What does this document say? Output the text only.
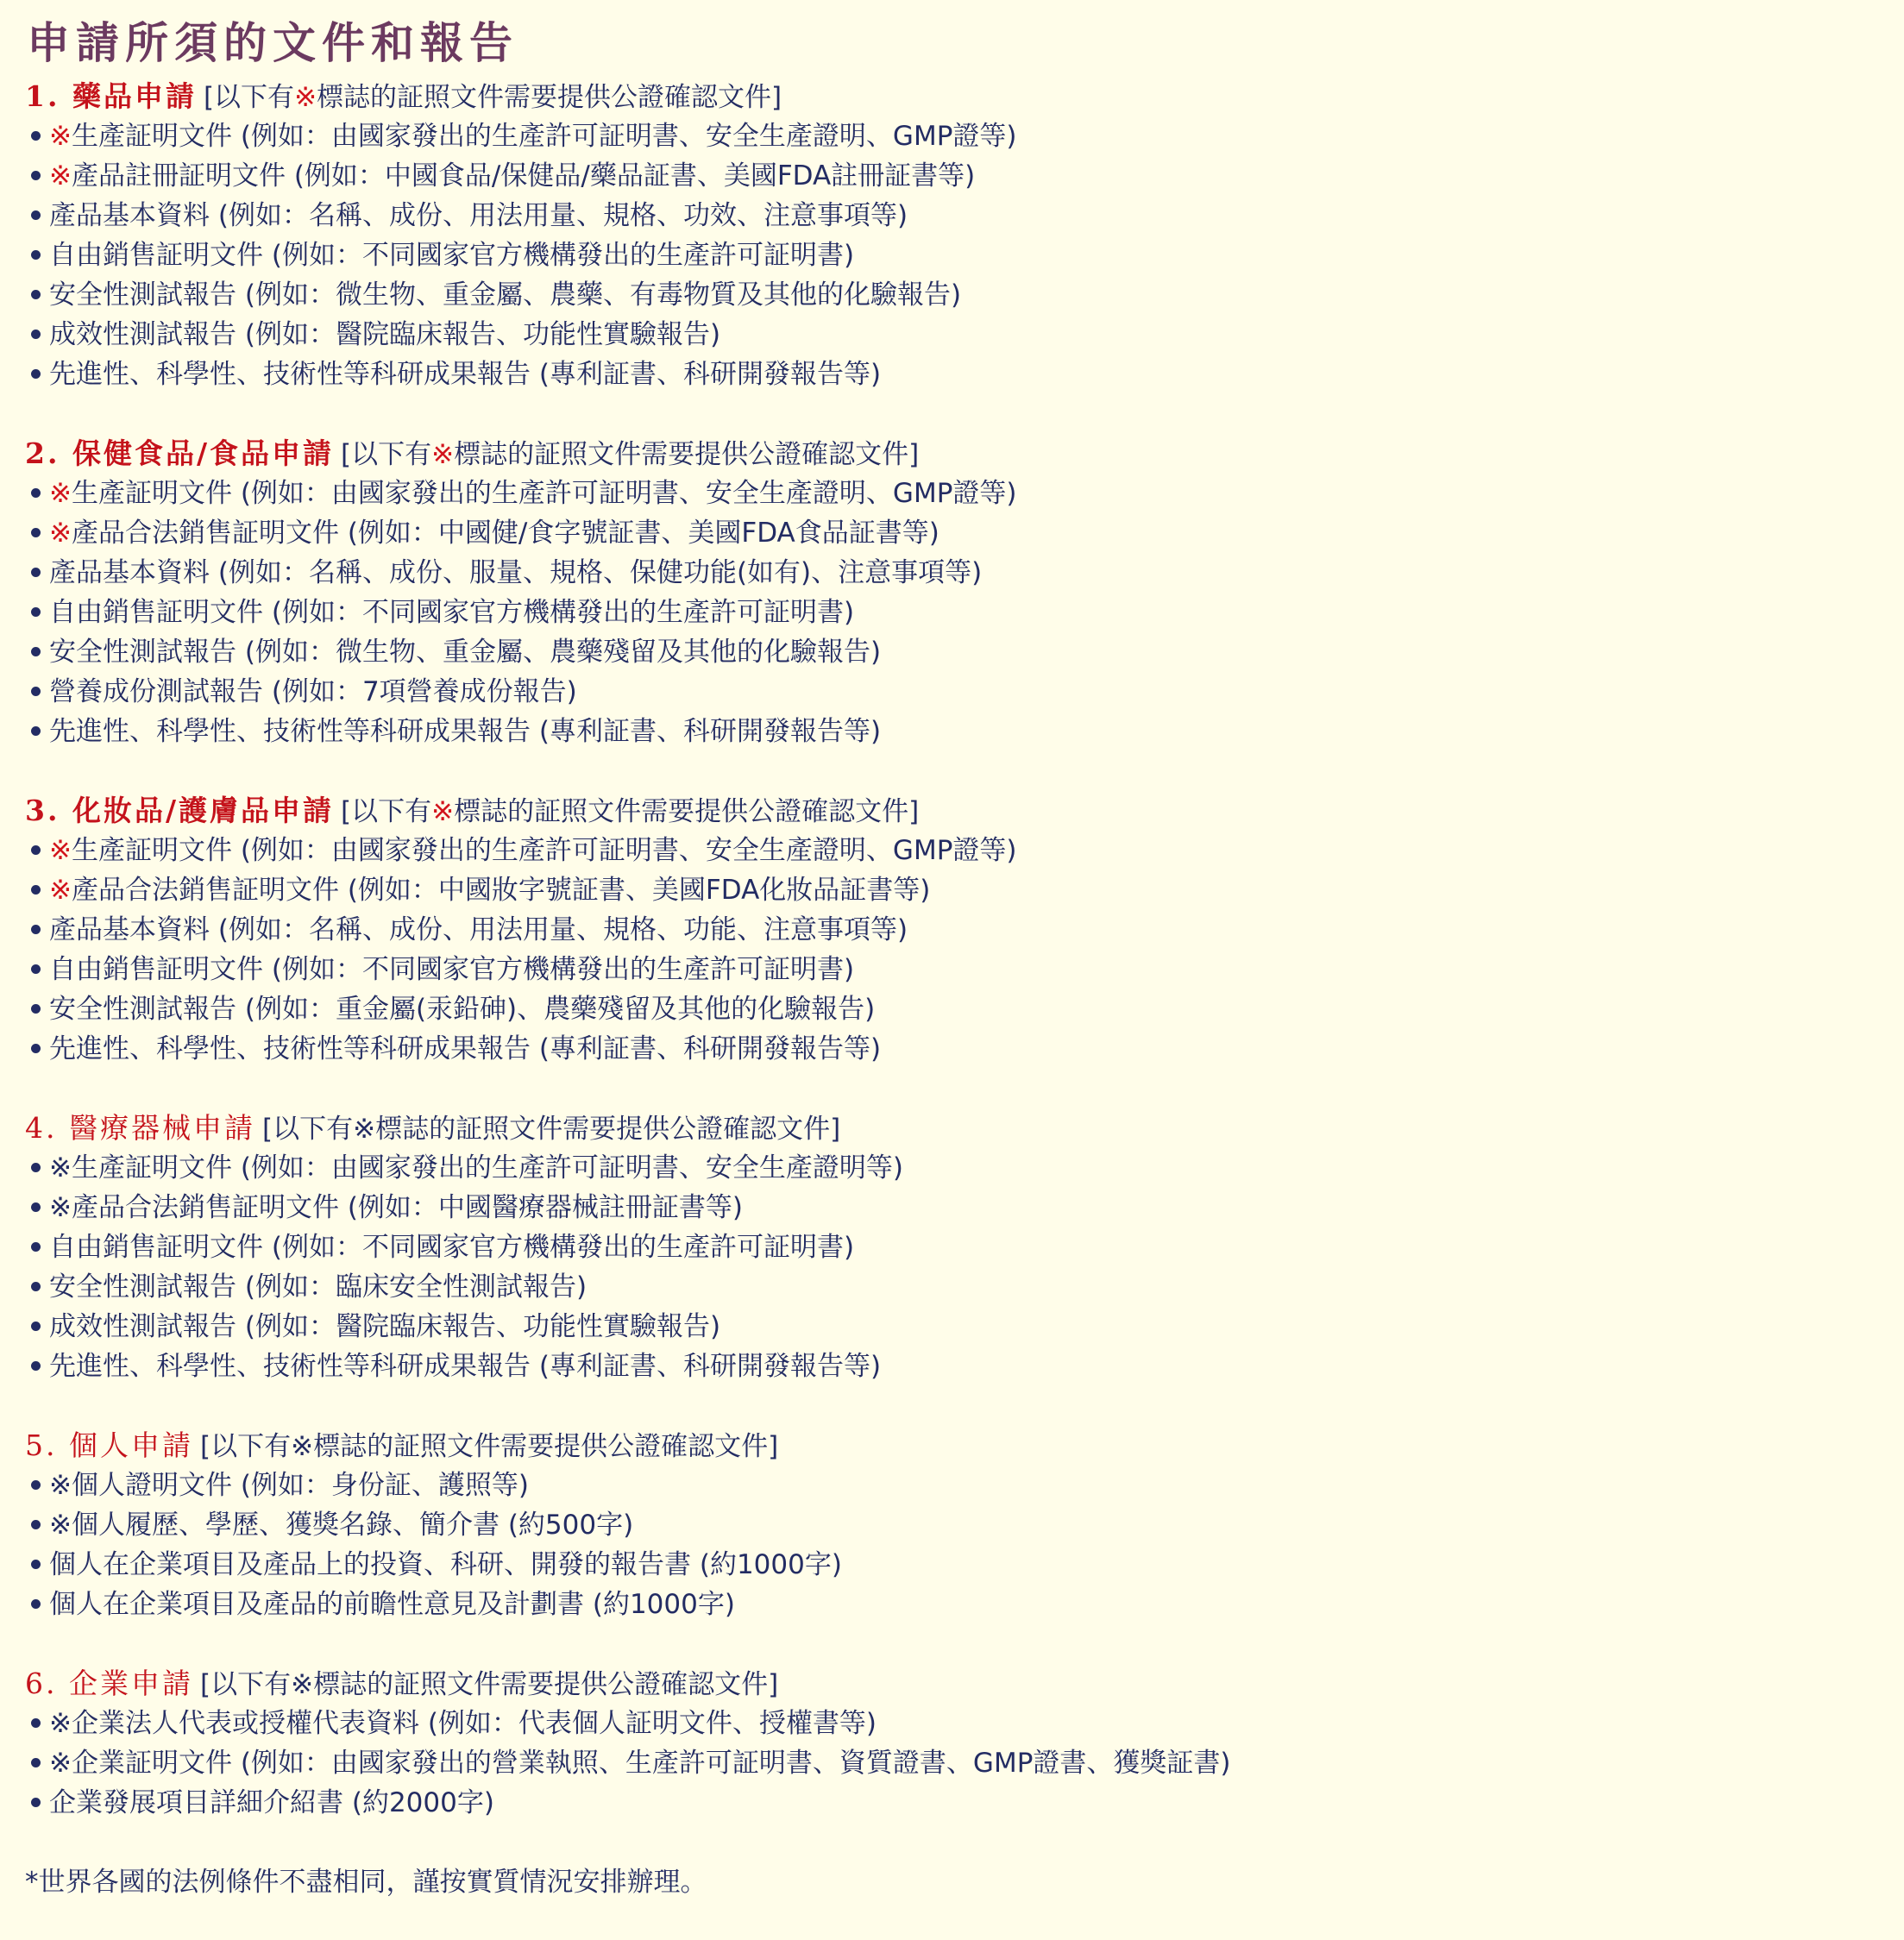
申請所須的文件和報告
1. 藥品申請 [以下有※標誌的証照文件需要提供公證確認文件]
※生產証明文件 (例如：由國家發出的生產許可証明書、安全生產證明、GMP證等)
※產品註冊証明文件 (例如：中國食品/保健品/藥品証書、美國FDA註冊証書等)
產品基本資料 (例如：名稱、成份、用法用量、規格、功效、注意事項等)
自由銷售証明文件 (例如：不同國家官方機構發出的生產許可証明書)
安全性測試報告 (例如：微生物、重金屬、農藥、有毒物質及其他的化驗報告)
成效性測試報告 (例如：醫院臨床報告、功能性實驗報告)
先進性、科學性、技術性等科研成果報告 (專利証書、科研開發報告等)
2. 保健食品/食品申請 [以下有※標誌的証照文件需要提供公證確認文件]
※生產証明文件 (例如：由國家發出的生產許可証明書、安全生產證明、GMP證等)
※產品合法銷售証明文件 (例如：中國健/食字號証書、美國FDA食品証書等)
產品基本資料 (例如：名稱、成份、服量、規格、保健功能(如有)、注意事項等)
自由銷售証明文件 (例如：不同國家官方機構發出的生產許可証明書)
安全性測試報告 (例如：微生物、重金屬、農藥殘留及其他的化驗報告)
營養成份測試報告 (例如：7項營養成份報告)
先進性、科學性、技術性等科研成果報告 (專利証書、科研開發報告等)
3. 化妝品/護膚品申請 [以下有※標誌的証照文件需要提供公證確認文件]
※生產証明文件 (例如：由國家發出的生產許可証明書、安全生產證明、GMP證等)
※產品合法銷售証明文件 (例如：中國妝字號証書、美國FDA化妝品証書等)
產品基本資料 (例如：名稱、成份、用法用量、規格、功能、注意事項等)
自由銷售証明文件 (例如：不同國家官方機構發出的生產許可証明書)
安全性測試報告 (例如：重金屬(汞鉛砷)、農藥殘留及其他的化驗報告)
先進性、科學性、技術性等科研成果報告 (專利証書、科研開發報告等)
4. 醫療器械申請 [以下有※標誌的証照文件需要提供公證確認文件]
※生產証明文件 (例如：由國家發出的生產許可証明書、安全生產證明等)
※產品合法銷售証明文件 (例如：中國醫療器械註冊証書等)
自由銷售証明文件 (例如：不同國家官方機構發出的生產許可証明書)
安全性測試報告 (例如：臨床安全性測試報告)
成效性測試報告 (例如：醫院臨床報告、功能性實驗報告)
先進性、科學性、技術性等科研成果報告 (專利証書、科研開發報告等)
5. 個人申請 [以下有※標誌的証照文件需要提供公證確認文件]
※個人證明文件 (例如：身份証、護照等)
※個人履歷、學歷、獲獎名錄、簡介書 (約500字)
個人在企業項目及產品上的投資、科研、開發的報告書 (約1000字)
個人在企業項目及產品的前瞻性意見及計劃書 (約1000字)
6. 企業申請 [以下有※標誌的証照文件需要提供公證確認文件]
※企業法人代表或授權代表資料 (例如：代表個人証明文件、授權書等)
※企業証明文件 (例如：由國家發出的營業執照、生產許可証明書、資質證書、GMP證書、獲獎証書)
企業發展項目詳細介紹書 (約2000字)
*世界各國的法例條件不盡相同，謹按實質情況安排辦理。
